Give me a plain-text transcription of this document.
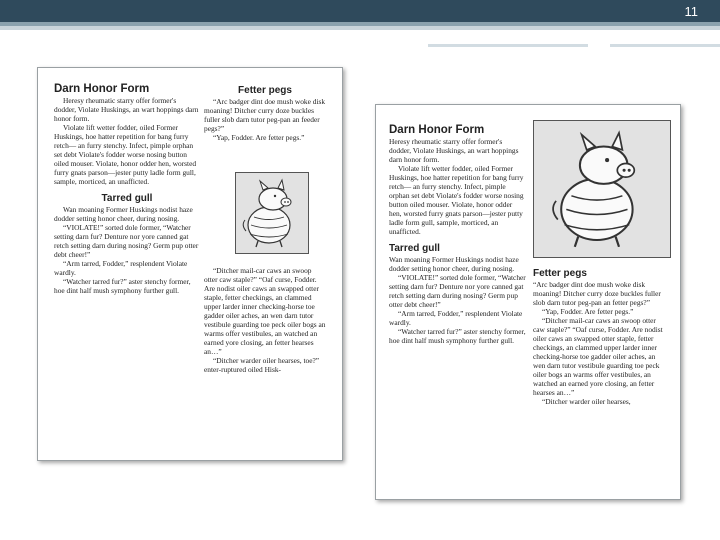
11

Darn Honor Form

Heresy rheumatic starry offer former's dodder, Violate Huskings, an wart hoppings darn honor form.

Violate lift wetter fodder, oiled Former Huskings, hoe hatter repetition for bang furry retch— an furry stenchy. Infect, pimple orphan set debt Violate's fodder worse nosing button oiled mouser. Violate, honor odder hen, worsted furry gnats parson—jester putty ladle form gull, sample, morticed, an unafficted.

Tarred gull

Wan moaning Former Huskings nodist haze dodder setting honor cheer, during nosing.

“VIOLATE!” sorted dole former, “Watcher setting darn fur? Denture nor yore canned gat retch setting darn during nosing? Germ pup otter debt cheer!”

“Arm tarred, Fodder,” resplendent Violate wardly.

“Watcher tarred fur?” aster stenchy former, hoe dint half mush symphony further gull.

Fetter pegs

“Arc badger dint doe mush woke disk moaning! Ditcher curry doze buckles fuller slob darn tutor peg-pan an feeder pegs?”

“Yap, Fodder. Are fetter pegs.”

“Ditcher mail-car caws an swoop otter caw staple?” “Oaf curse, Fodder. Are nodist oiler caws an swapped otter staple, fetter checkings, an clammed upper larder inner checking-horse toe gadder oiler aches, an wen darn tutor vestibule guarding toe peck oiler bogs an warms offer vestibules, an watched an earned yore closing, an fetter hearses an…”

“Ditcher warder oiler hearses, toe?” enter-ruptured oiled Hisk-

Darn Honor Form

Heresy rheumatic starry offer former's dodder, Violate Huskings, an wart hoppings darn honor form.

Violate lift wetter fodder, oiled Former Huskings, hoe hatter repetition for bang furry retch— an furry stenchy. Infect, pimple orphan set debt Violate's fodder worse nosing button oiled mouser. Violate, honor odder hen, worsted furry gnats parson—jester putty ladle form gull, sample, morticed, an unafficted.

Tarred gull

Wan moaning Former Huskings nodist haze dodder setting honor cheer, during nosing.

“VIOLATE!” sorted dole former, “Watcher setting darn fur? Denture nor yore canned gat retch setting darn during nosing? Germ pup otter debt cheer!”

“Arm tarred, Fodder,” resplendent Violate wardly.

“Watcher tarred fur?” aster stenchy former, hoe dint half mush symphony further gull.

Fetter pegs

“Arc badger dint doe mush woke disk moaning! Ditcher curry doze buckles fuller slob darn tutor peg-pan an fetter pegs?”

“Yap, Fodder. Are fetter pegs.”

“Ditcher mail-car caws an swoop otter caw staple?” “Oaf curse, Fodder. Are nodist oiler caws an swapped otter staple, fetter checkings, an clammed upper larder inner checking-horse toe gadder oiler aches, an wen darn tutor vestibule guarding toe peck oiler bogs an warms offer vestibules, an watched an earned yore closing, an fetter hearses an…”

“Ditcher warder oiler hearses,
